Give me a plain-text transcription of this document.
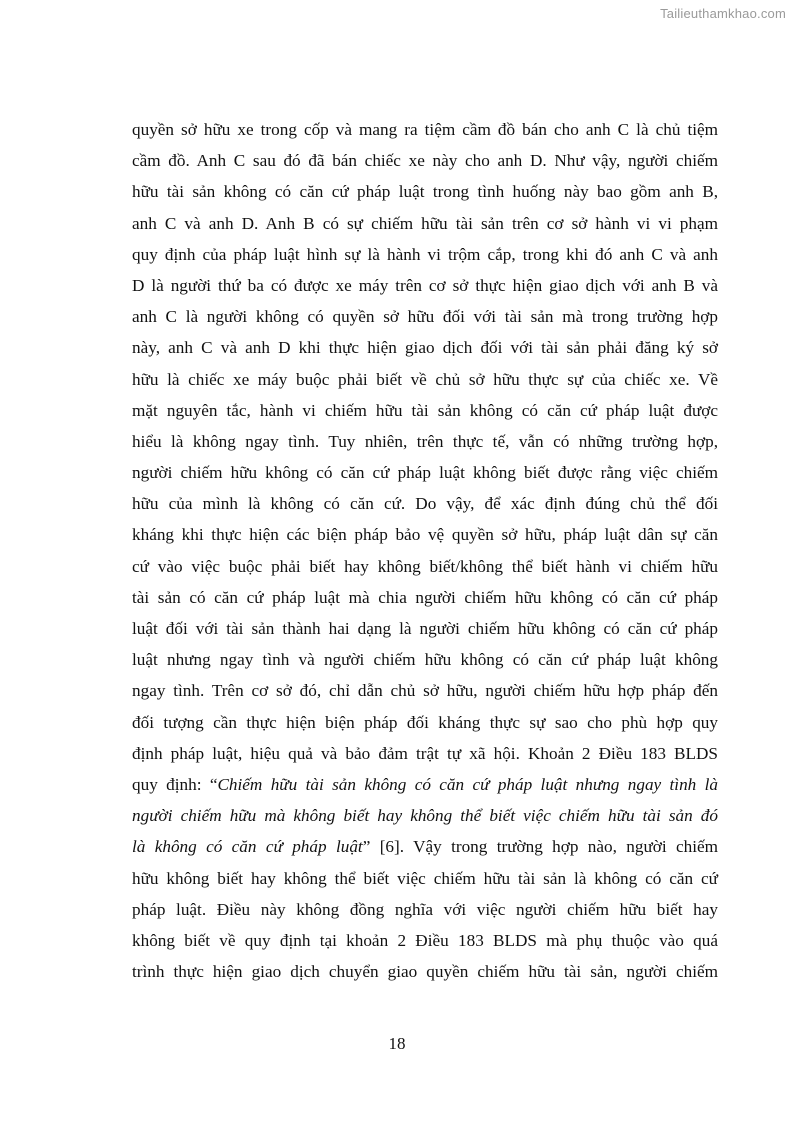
Tailieuthamkhao.com
quyền sở hữu xe trong cốp và mang ra tiệm cầm đồ bán cho anh C là chủ tiệm
cầm đồ. Anh C sau đó đã bán chiếc xe này cho anh D. Như vậy, người chiếm
hữu tài sản không có căn cứ pháp luật trong tình huống này bao gồm anh B,
anh C và anh D. Anh B có sự chiếm hữu tài sản trên cơ sở hành vi vi phạm
quy định của pháp luật hình sự là hành vi trộm cắp, trong khi đó anh C và anh
D là người thứ ba có được xe máy trên cơ sở thực hiện giao dịch với anh B và
anh C là người không có quyền sở hữu đối với tài sản mà trong trường hợp
này, anh C và anh D khi thực hiện giao dịch đối với tài sản phải đăng ký sở
hữu là chiếc xe máy buộc phải biết về chủ sở hữu thực sự của chiếc xe. Về
mặt nguyên tắc, hành vi chiếm hữu tài sản không có căn cứ pháp luật được
hiểu là không ngay tình. Tuy nhiên, trên thực tế, vẫn có những trường hợp,
người chiếm hữu không có căn cứ pháp luật không biết được rằng việc chiếm
hữu của mình là không có căn cứ. Do vậy, để xác định đúng chủ thể đối
kháng khi thực hiện các biện pháp bảo vệ quyền sở hữu, pháp luật dân sự căn
cứ vào việc buộc phải biết hay không biết/không thể biết hành vi chiếm hữu
tài sản có căn cứ pháp luật mà chia người chiếm hữu không có căn cứ pháp
luật đối với tài sản thành hai dạng là người chiếm hữu không có căn cứ pháp
luật nhưng ngay tình và người chiếm hữu không có căn cứ pháp luật không
ngay tình. Trên cơ sở đó, chỉ dẫn chủ sở hữu, người chiếm hữu hợp pháp đến
đối tượng cần thực hiện biện pháp đối kháng thực sự sao cho phù hợp quy
định pháp luật, hiệu quả và bảo đảm trật tự xã hội. Khoản 2 Điều 183 BLDS
quy định: “Chiếm hữu tài sản không có căn cứ pháp luật nhưng ngay tình là
người chiếm hữu mà không biết hay không thể biết việc chiếm hữu tài sản đó
là không có căn cứ pháp luật” [6]. Vậy trong trường hợp nào, người chiếm
hữu không biết hay không thể biết việc chiếm hữu tài sản là không có căn cứ
pháp luật. Điều này không đồng nghĩa với việc người chiếm hữu biết hay
không biết về quy định tại khoản 2 Điều 183 BLDS mà phụ thuộc vào quá
trình thực hiện giao dịch chuyển giao quyền chiếm hữu tài sản, người chiếm
18
